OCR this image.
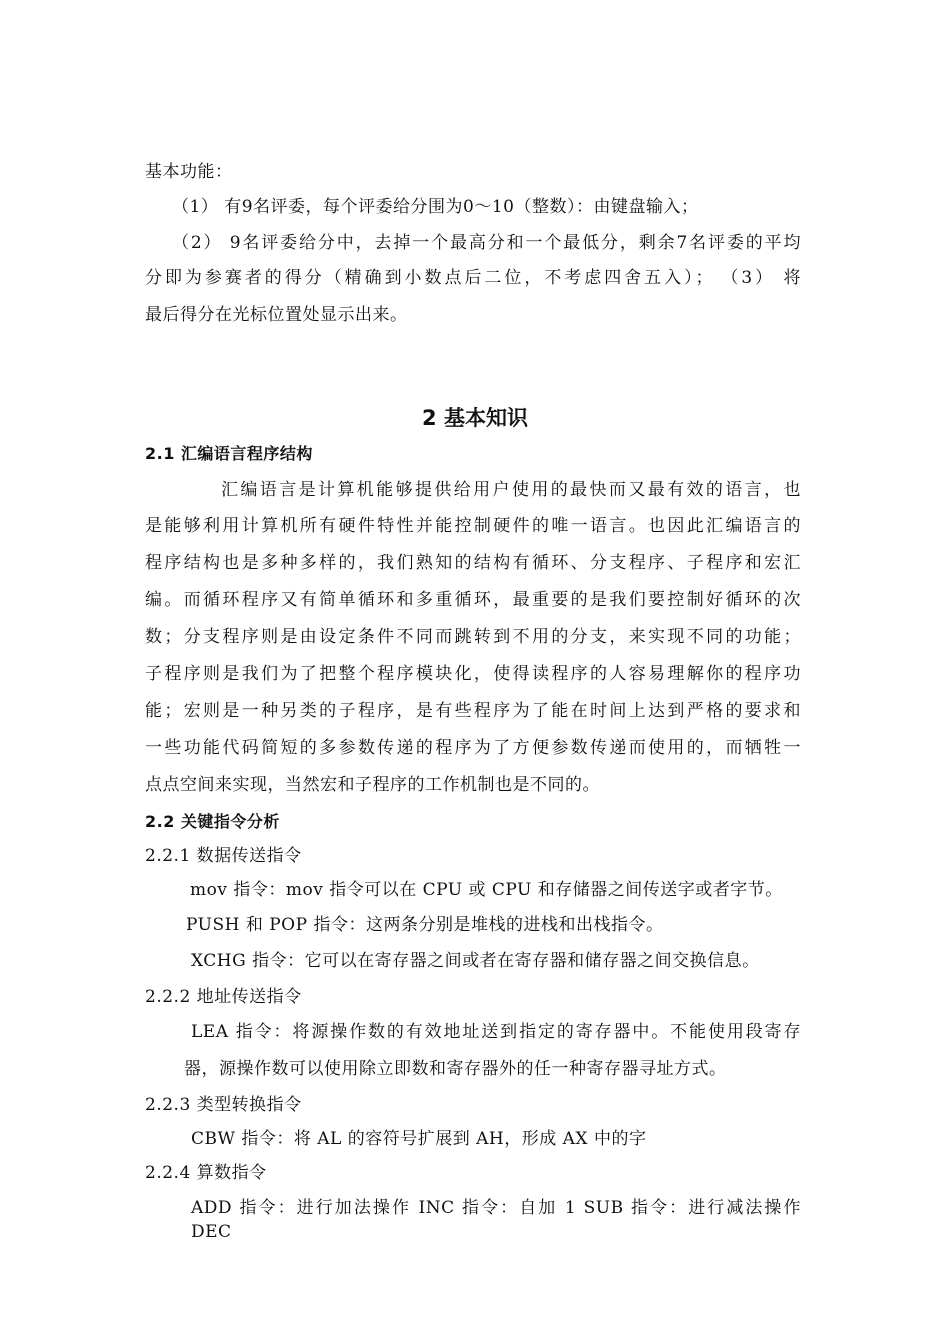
基本功能：
（1） 有9名评委，每个评委给分围为0～10（整数）：由键盘输入；
（2） 9名评委给分中，去掉一个最高分和一个最低分，剩余7名评委的平均
分即为参赛者的得分（精确到小数点后二位，不考虑四舍五入）； （3） 将
最后得分在光标位置处显示出来。
2 基本知识
2.1 汇编语言程序结构
汇编语言是计算机能够提供给用户使用的最快而又最有效的语言，也
是能够利用计算机所有硬件特性并能控制硬件的唯一语言。也因此汇编语言的
程序结构也是多种多样的，我们熟知的结构有循环、分支程序、子程序和宏汇
编。而循环程序又有简单循环和多重循环，最重要的是我们要控制好循环的次
数；分支程序则是由设定条件不同而跳转到不用的分支，来实现不同的功能；
子程序则是我们为了把整个程序模块化，使得读程序的人容易理解你的程序功
能；宏则是一种另类的子程序，是有些程序为了能在时间上达到严格的要求和
一些功能代码简短的多参数传递的程序为了方便参数传递而使用的，而牺牲一
点点空间来实现，当然宏和子程序的工作机制也是不同的。
2.2 关键指令分析
2.2.1 数据传送指令
mov 指令：mov 指令可以在 CPU 或 CPU 和存储器之间传送字或者字节。
PUSH 和 POP 指令：这两条分别是堆栈的进栈和出栈指令。
XCHG 指令：它可以在寄存器之间或者在寄存器和储存器之间交换信息。
2.2.2 地址传送指令
LEA 指令：将源操作数的有效地址送到指定的寄存器中。不能使用段寄存
器，源操作数可以使用除立即数和寄存器外的任一种寄存器寻址方式。
2.2.3 类型转换指令
CBW 指令：将 AL 的容符号扩展到 AH，形成 AX 中的字
2.2.4 算数指令
ADD 指令：进行加法操作 INC 指令：自加 1 SUB 指令：进行减法操作 DEC
